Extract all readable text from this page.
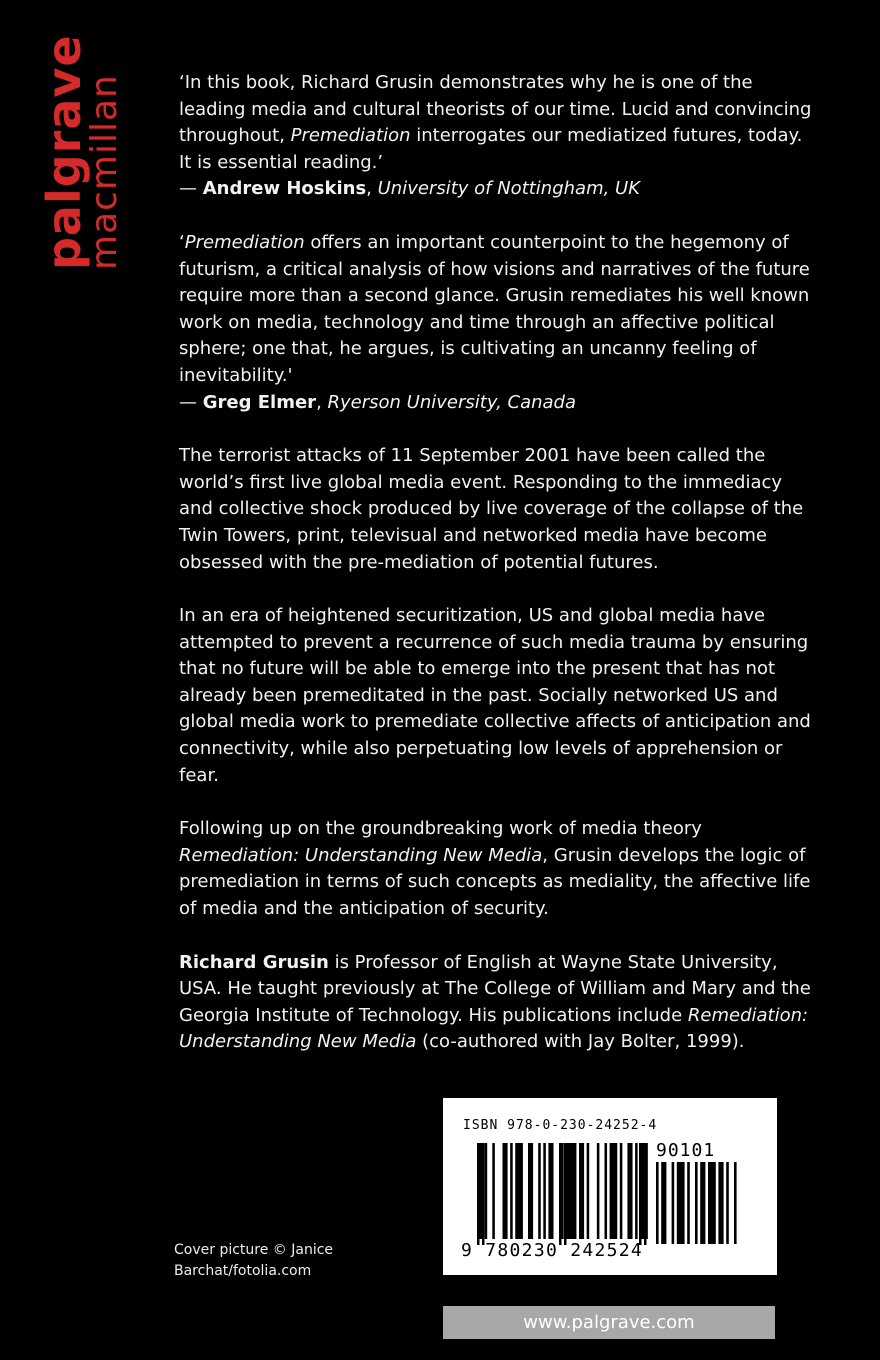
palgrave
macmillan	‘In this book, Richard Grusin demonstrates why he is one of the leading media and cultural theorists of our time. Lucid and convincing throughout, Premediation interrogates our mediatized futures, today. It is essential reading.’
— Andrew Hoskins, University of Nottingham, UK

‘Premediation offers an important counterpoint to the hegemony of futurism, a critical analysis of how visions and narratives of the future require more than a second glance. Grusin remediates his well known work on media, technology and time through an affective political sphere; one that, he argues, is cultivating an uncanny feeling of inevitability.'
— Greg Elmer, Ryerson University, Canada

The terrorist attacks of 11 September 2001 have been called the world’s first live global media event. Responding to the immediacy and collective shock produced by live coverage of the collapse of the Twin Towers, print, televisual and networked media have become obsessed with the pre-mediation of potential futures.

In an era of heightened securitization, US and global media have attempted to prevent a recurrence of such media trauma by ensuring that no future will be able to emerge into the present that has not already been premeditated in the past. Socially networked US and global media work to premediate collective affects of anticipation and connectivity, while also perpetuating low levels of apprehension or fear.

Following up on the groundbreaking work of media theory Remediation: Understanding New Media, Grusin develops the logic of premediation in terms of such concepts as mediality, the affective life of media and the anticipation of security.

Richard Grusin is Professor of English at Wayne State University, USA. He taught previously at The College of William and Mary and the Georgia Institute of Technology. His publications include Remediation: Understanding New Media (co-authored with Jay Bolter, 1999).

Cover picture © Janice Barchat/fotolia.com
ISBN 978-0-230-24252-4
90101
9 780230 242524
www.palgrave.com
